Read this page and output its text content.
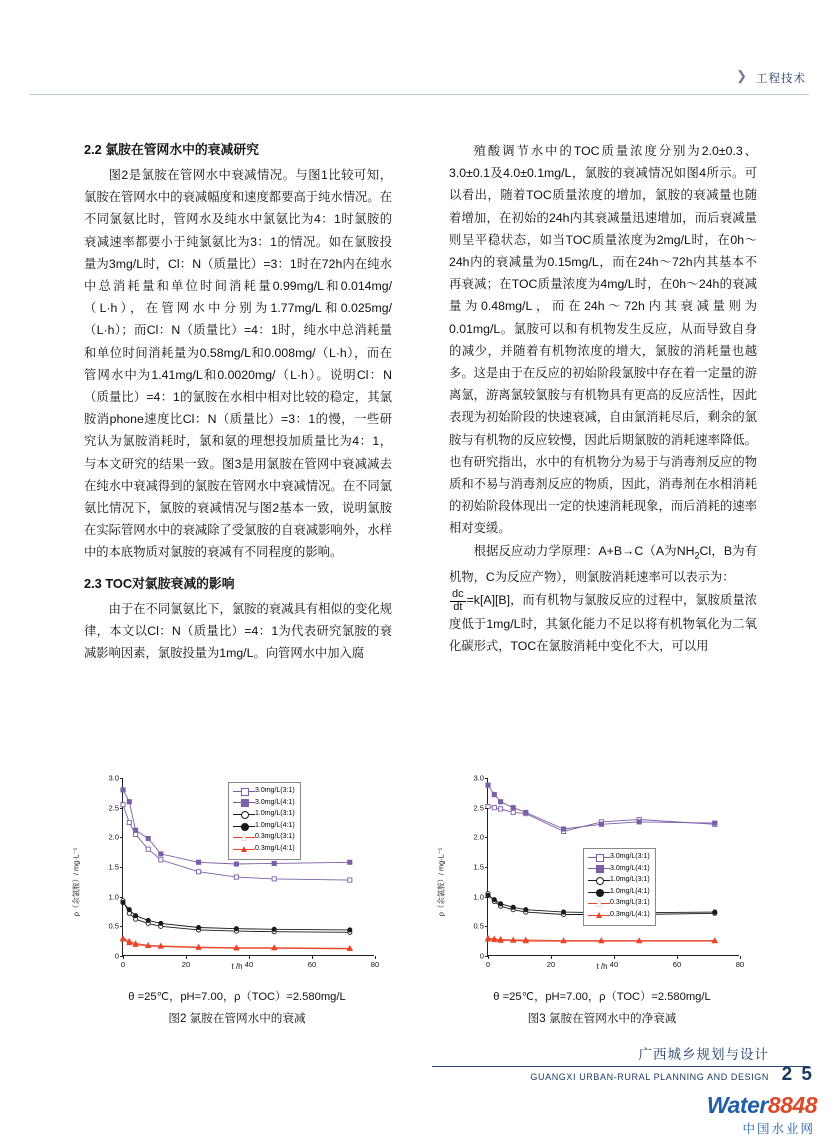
❯ 工程技术
2.2 氯胺在管网水中的衰减研究

图2是氯胺在管网水中衰减情况。与图1比较可知，氯胺在管网水中的衰减幅度和速度都要高于纯水情况。在不同氯氨比时，管网水及纯水中氯氨比为4：1时氯胺的衰减速率都要小于纯氯氨比为3：1的情况。如在氯胺投量为3mg/L时，Cl：N（质量比）=3：1时在72h内在纯水中总消耗量和单位时间消耗量0.99mg/L和0.014mg/（L·h），在管网水中分别为1.77mg/L和0.025mg/（L·h）；而Cl：N（质量比）=4：1时，纯水中总消耗量和单位时间消耗量为0.58mg/L和0.008mg/（L·h），而在管网水中为1.41mg/L和0.0020mg/（L·h）。说明Cl：N（质量比）=4：1的氯胺在水相中相对比较的稳定，其氯胺消phone速度比Cl：N（质量比）=3：1的慢，一些研究认为氯胺消耗时，氯和氨的理想投加质量比为4：1，与本文研究的结果一致。图3是用氯胺在管网中衰减减去在纯水中衰减得到的氯胺在管网水中衰减情况。在不同氯氨比情况下，氯胺的衰减情况与图2基本一致，说明氯胺在实际管网水中的衰减除了受氯胺的自衰减影响外，水样中的本底物质对氯胺的衰减有不同程度的影响。

2.3 TOC对氯胺衰减的影响

由于在不同氯氨比下，氯胺的衰减具有相似的变化规律，本文以Cl：N（质量比）=4：1为代表研究氯胺的衰减影响因素，氯胺投量为1mg/L。向管网水中加入腐

殖酸调节水中的TOC质量浓度分别为2.0±0.3、3.0±0.1及4.0±0.1mg/L，氯胺的衰减情况如图4所示。可以看出，随着TOC质量浓度的增加，氯胺的衰减量也随着增加，在初始的24h内其衰减量迅速增加，而后衰减量则呈平稳状态，如当TOC质量浓度为2mg/L时，在0h～24h内的衰减量为0.15mg/L，而在24h～72h内其基本不再衰减；在TOC质量浓度为4mg/L时，在0h～24h的衰减量为0.48mg/L，而在24h～72h内其衰减量则为 0.01mg/L。氯胺可以和有机物发生反应，从而导致自身的减少，并随着有机物浓度的增大，氯胺的消耗量也越多。这是由于在反应的初始阶段氯胺中存在着一定量的游离氯，游离氯较氯胺与有机物具有更高的反应活性，因此表现为初始阶段的快速衰减，自由氯消耗尽后，剩余的氯胺与有机物的反应较慢，因此后期氯胺的消耗速率降低。也有研究指出，水中的有机物分为易于与消毒剂反应的物质和不易与消毒剂反应的物质，因此，消毒剂在水相消耗的初始阶段体现出一定的快速消耗现象，而后消耗的速率相对变缓。

根据反应动力学原理：A+B→C（A为$NH_2Cl$，B为有机物，C为反应产物），则氯胺消耗速率可以表示为：

$\frac{dc}{dt} =k[A][B]$，而有机物与氯胺反应的过程中，氯胺质量浓度低于1mg/L时，其氯化能力不足以将有机物氧化为二氧化碳形式，TOC在氯胺消耗中变化不大，可以用

ρ（余氯胺）/ mg·L⁻¹
0
0.5
1.0
1.5
2.0
2.5
3.0
0	20	40	60	80
3.0mg/L(3:1)
3.0mg/L(4:1)
1.0mg/L(3:1)
1.0mg/L(4:1)
0.3mg/L(3:1)
0.3mg/L(4:1)
t /h
θ =25℃，pH=7.00，ρ（TOC）=2.580mg/L
图2 氯胺在管网水中的衰减
ρ（余氯胺）/ mg·L⁻¹
0
0.5
1.0
1.5
2.0
2.5
3.0
0	20	40	60	80
3.0mg/L(3:1)
3.0mg/L(4:1)
1.0mg/L(3:1)
1.0mg/L(4:1)
0.3mg/L(3:1)
0.3mg/L(4:1)
t /h
θ =25℃，pH=7.00，ρ（TOC）=2.580mg/L
图3 氯胺在管网水中的净衰减
广西城乡规划与设计
GUANGXI URBAN-RURAL PLANNING AND DESIGN 2 5
Water8848
中国水业网
